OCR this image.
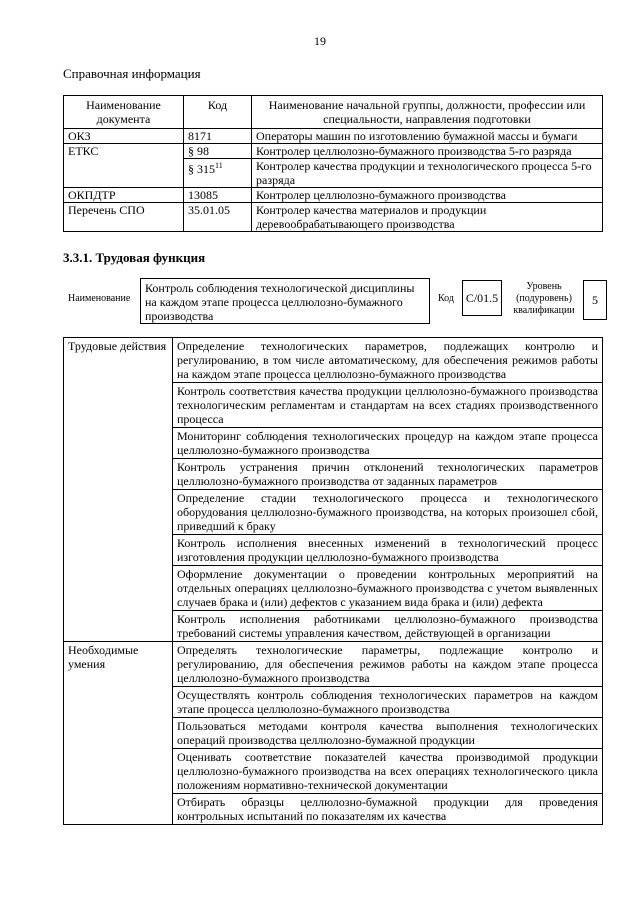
19
Справочная информация
Наименование документа	Код	Наименование начальной группы, должности, профессии или специальности, направления подготовки
ОКЗ	8171	Операторы машин по изготовлению бумажной массы и бумаги
ЕТКС	§ 98	Контролер целлюлозно-бумажного производства 5-го разряда
	§ $315^{11}$	Контролер качества продукции и технологического процесса 5-го разряда
ОКПДТР	13085	Контролер целлюлозно-бумажного производства
Перечень СПО	35.01.05	Контролер качества материалов и продукции деревообрабатывающего производства
3.3.1. Трудовая функция
Наименование
Контроль соблюдения технологической дисциплины на каждом этапе процесса целлюлозно-бумажного производства
Код C/01.5
Уровень (подуровень) квалификации
5
Трудовые действия	Определение технологических параметров, подлежащих контролю и регулированию, в том числе автоматическому, для обеспечения режимов работы на каждом этапе процесса целлюлозно-бумажного производства
	Контроль соответствия качества продукции целлюлозно-бумажного производства технологическим регламентам и стандартам на всех стадиях производственного процесса
	Мониторинг соблюдения технологических процедур на каждом этапе процесса целлюлозно-бумажного производства
	Контроль устранения причин отклонений технологических параметров целлюлозно-бумажного производства от заданных параметров
	Определение стадии технологического процесса и технологического оборудования целлюлозно-бумажного производства, на которых произошел сбой, приведший к браку
	Контроль исполнения внесенных изменений в технологический процесс изготовления продукции целлюлозно-бумажного производства
	Оформление документации о проведении контрольных мероприятий на отдельных операциях целлюлозно-бумажного производства с учетом выявленных случаев брака и (или) дефектов с указанием вида брака и (или) дефекта
	Контроль исполнения работниками целлюлозно-бумажного производства требований системы управления качеством, действующей в организации
Необходимые умения	Определять технологические параметры, подлежащие контролю и регулированию, для обеспечения режимов работы на каждом этапе процесса целлюлозно-бумажного производства
	Осуществлять контроль соблюдения технологических параметров на каждом этапе процесса целлюлозно-бумажного производства
	Пользоваться методами контроля качества выполнения технологических операций производства целлюлозно-бумажной продукции
	Оценивать соответствие показателей качества производимой продукции целлюлозно-бумажного производства на всех операциях технологического цикла положениям нормативно-технической документации
	Отбирать образцы целлюлозно-бумажной продукции для проведения контрольных испытаний по показателям их качества
